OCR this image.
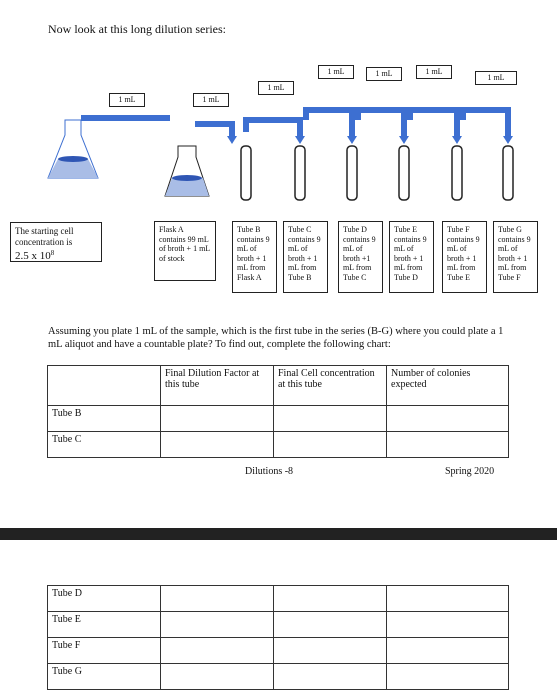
Now look at this long dilution series:
1 mL	1 mL
1 mL
1 mL	1 mL	1 mL
1 mL
The starting cell concentration is
2.5 x $10^8$
Flask A contains 99 mL of broth + 1 mL of stock
Tube B contains 9 mL of broth + 1 mL from Flask A
Tube C contains 9 mL of broth + 1 mL from Tube B
Tube D contains 9 mL of broth +1 mL from Tube C
Tube E contains 9 mL of broth + 1 mL from Tube D
Tube F contains 9 mL of broth + 1 mL from Tube E
Tube G contains 9 mL of broth + 1 mL from Tube F
Assuming you plate 1 mL of the sample, which is the first tube in the series (B-G) where you could plate a 1 mL aliquot and have a countable plate? To find out, complete the following chart:
	Final Dilution Factor at this tube	Final Cell concentration at this tube	Number of colonies expected
Tube B			
Tube C			
Dilutions -8	Spring 2020
Tube D			
Tube E			
Tube F			
Tube G			
